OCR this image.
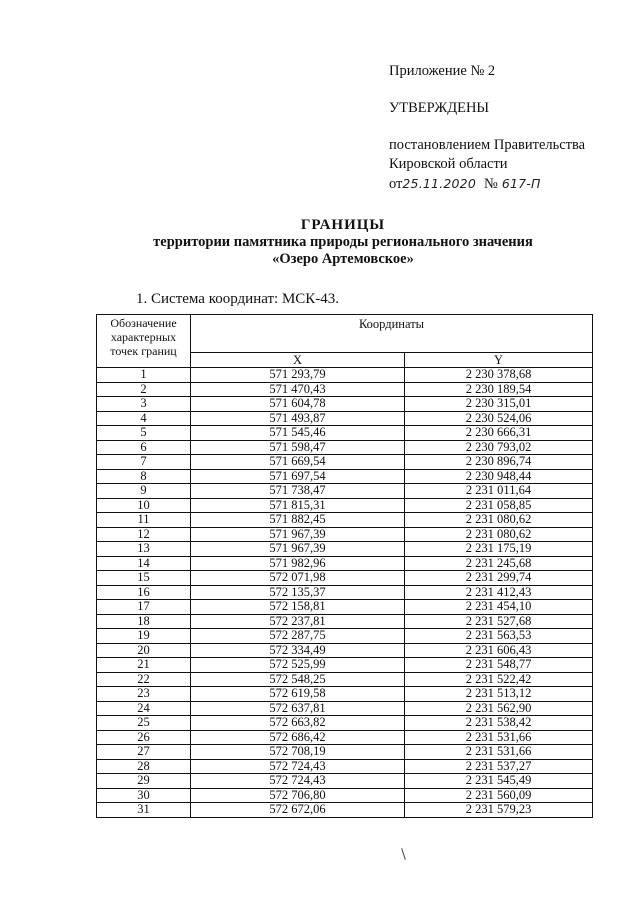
Приложение № 2
УТВЕРЖДЕНЫ
постановлением Правительства
Кировской области
от25.11.2020 № 617-П
ГРАНИЦЫ
территории памятника природы регионального значения
«Озеро Артемовское»
1. Система координат: МСК-43.
Обозначение характерных точек границ	Координаты	
	X	Y
1	571 293,79	2 230 378,68
2	571 470,43	2 230 189,54
3	571 604,78	2 230 315,01
4	571 493,87	2 230 524,06
5	571 545,46	2 230 666,31
6	571 598,47	2 230 793,02
7	571 669,54	2 230 896,74
8	571 697,54	2 230 948,44
9	571 738,47	2 231 011,64
10	571 815,31	2 231 058,85
11	571 882,45	2 231 080,62
12	571 967,39	2 231 080,62
13	571 967,39	2 231 175,19
14	571 982,96	2 231 245,68
15	572 071,98	2 231 299,74
16	572 135,37	2 231 412,43
17	572 158,81	2 231 454,10
18	572 237,81	2 231 527,68
19	572 287,75	2 231 563,53
20	572 334,49	2 231 606,43
21	572 525,99	2 231 548,77
22	572 548,25	2 231 522,42
23	572 619,58	2 231 513,12
24	572 637,81	2 231 562,90
25	572 663,82	2 231 538,42
26	572 686,42	2 231 531,66
27	572 708,19	2 231 531,66
28	572 724,43	2 231 537,27
29	572 724,43	2 231 545,49
30	572 706,80	2 231 560,09
31	572 672,06	2 231 579,23
